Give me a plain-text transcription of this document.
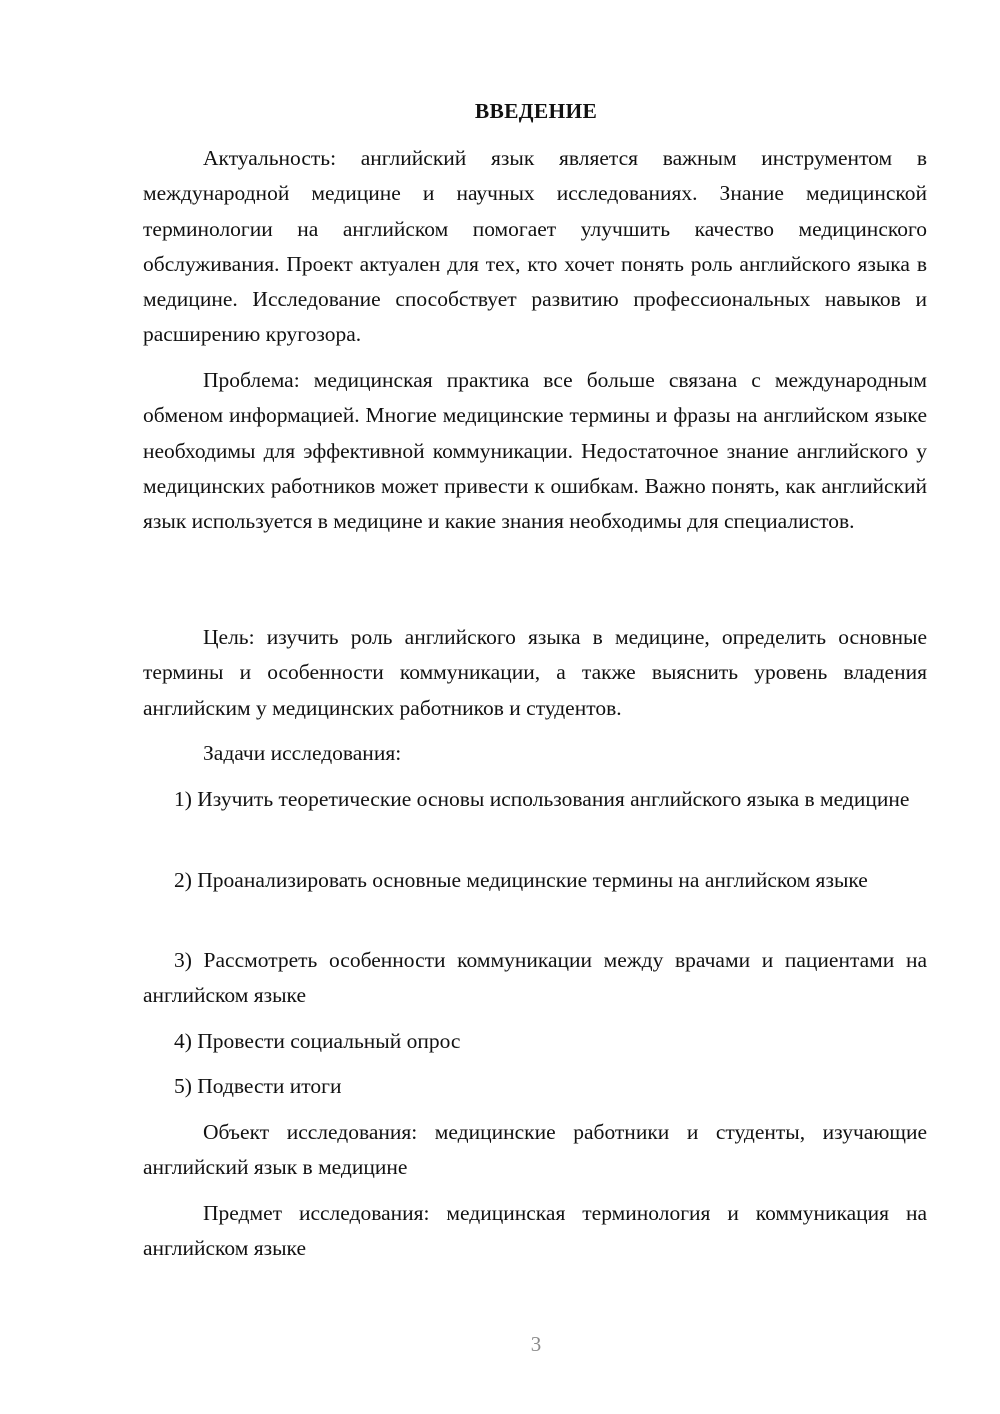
ВВЕДЕНИЕ

Актуальность: английский язык является важным инструментом в международной медицине и научных исследованиях. Знание медицинской терминологии на английском помогает улучшить качество медицинского обслуживания. Проект актуален для тех, кто хочет понять роль английского языка в медицине. Исследование способствует развитию профессиональных навыков и расширению кругозора.

Проблема: медицинская практика все больше связана с международным обменом информацией. Многие медицинские термины и фразы на английском языке необходимы для эффективной коммуникации. Недостаточное знание английского у медицинских работников может привести к ошибкам. Важно понять, как английский язык используется в медицине и какие знания необходимы для специалистов.

Цель: изучить роль английского языка в медицине, определить основные термины и особенности коммуникации, а также выяснить уровень владения английским у медицинских работников и студентов.

Задачи исследования:

1) Изучить теоретические основы использования английского языка в медицине

2) Проанализировать основные медицинские термины на английском языке

3) Рассмотреть особенности коммуникации между врачами и пациентами на английском языке

4) Провести социальный опрос

5) Подвести итоги

Объект исследования: медицинские работники и студенты, изучающие английский язык в медицине

Предмет исследования: медицинская терминология и коммуникация на английском языке

3
